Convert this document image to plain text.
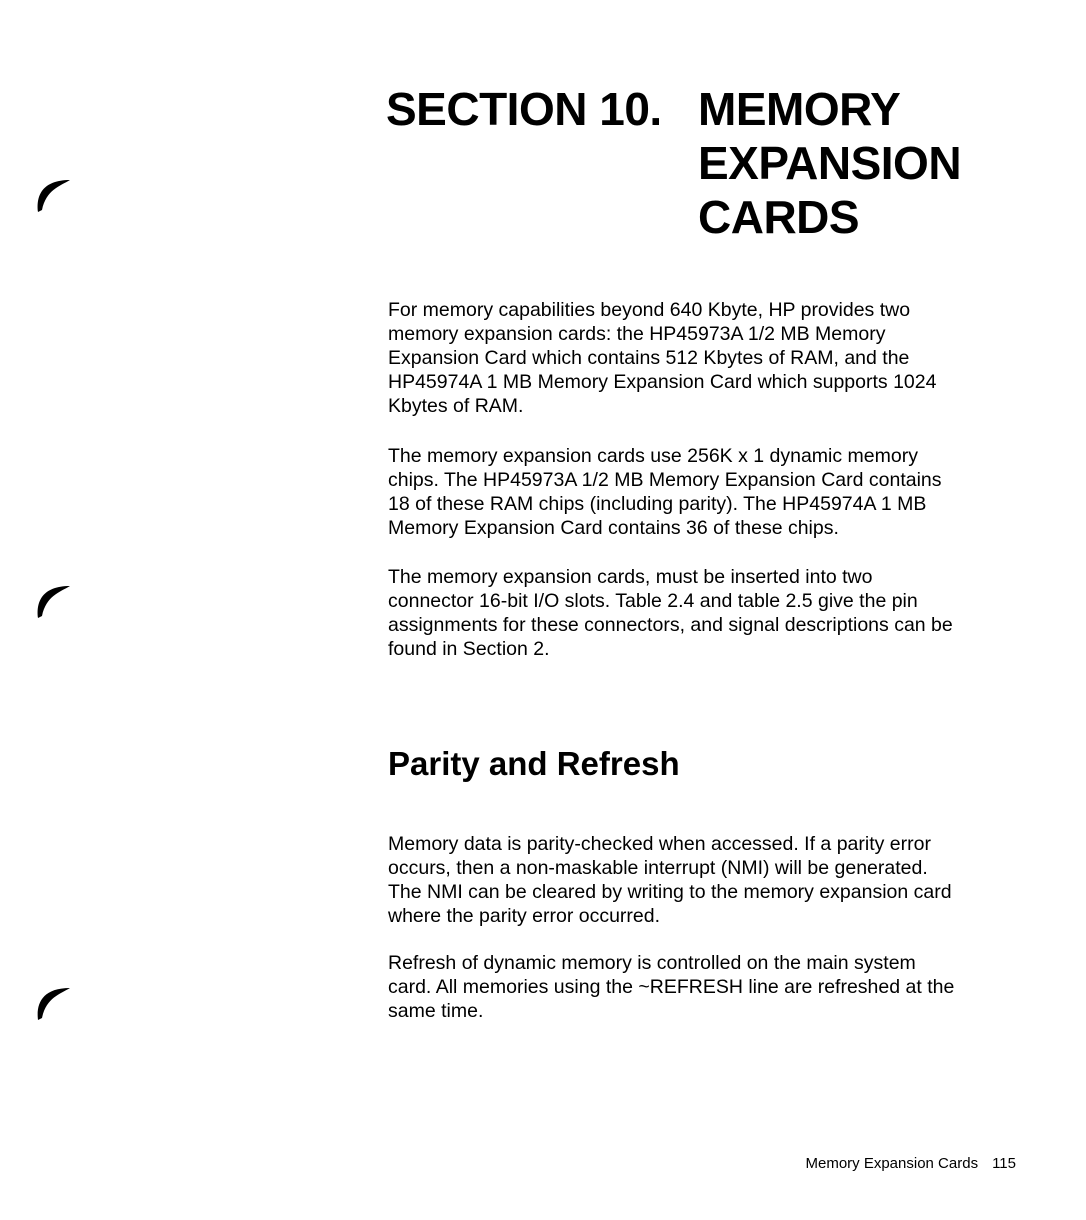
SECTION 10. MEMORY
EXPANSION
CARDS

For memory capabilities beyond 640 Kbyte, HP provides two
memory expansion cards: the HP45973A 1/2 MB Memory
Expansion Card which contains 512 Kbytes of RAM, and the
HP45974A 1 MB Memory Expansion Card which supports 1024
Kbytes of RAM.

The memory expansion cards use 256K x 1 dynamic memory
chips. The HP45973A 1/2 MB Memory Expansion Card contains
18 of these RAM chips (including parity). The HP45974A 1 MB
Memory Expansion Card contains 36 of these chips.

The memory expansion cards, must be inserted into two
connector 16-bit I/O slots. Table 2.4 and table 2.5 give the pin
assignments for these connectors, and signal descriptions can be
found in Section 2.

Parity and Refresh

Memory data is parity-checked when accessed. If a parity error
occurs, then a non-maskable interrupt (NMI) will be generated.
The NMI can be cleared by writing to the memory expansion card
where the parity error occurred.

Refresh of dynamic memory is controlled on the main system
card. All memories using the ~REFRESH line are refreshed at the
same time.

Memory Expansion Cards 115
